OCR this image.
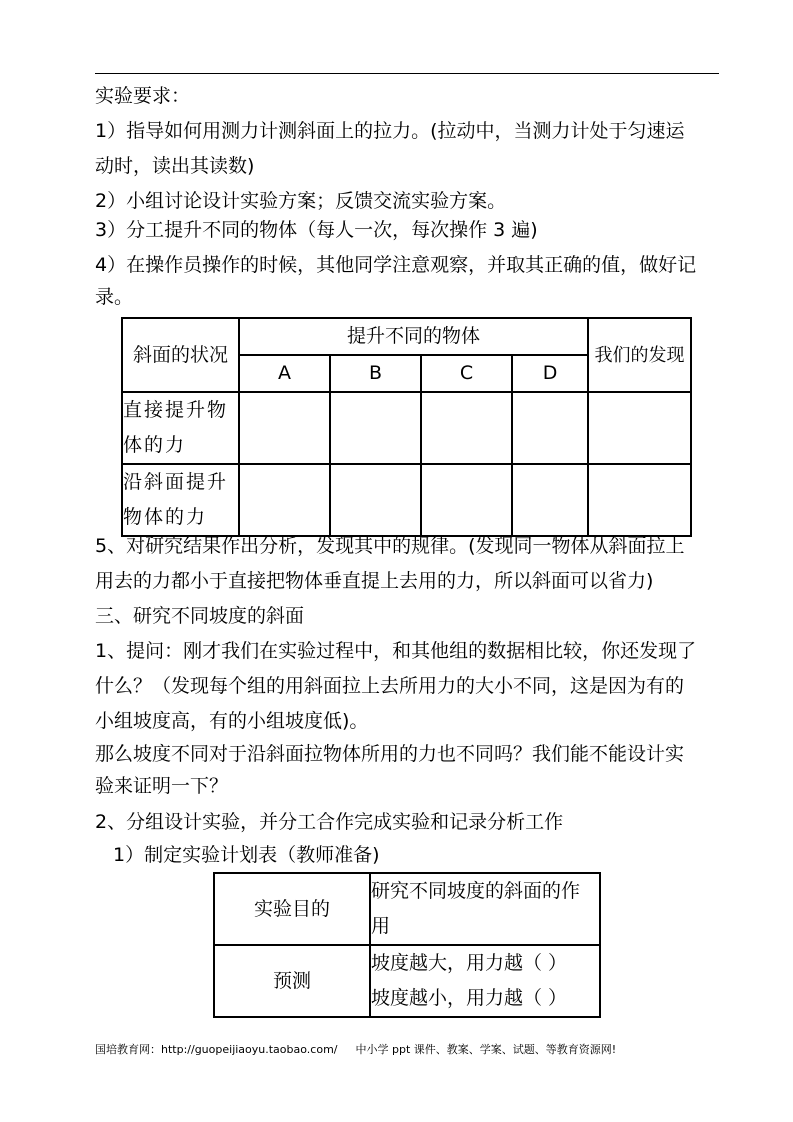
实验要求：

1）指导如何用测力计测斜面上的拉力。(拉动中，当测力计处于匀速运

动时，读出其读数)

2）小组讨论设计实验方案；反馈交流实验方案。

3）分工提升不同的物体（每人一次，每次操作 3 遍)

4）在操作员操作的时候，其他同学注意观察，并取其正确的值，做好记

录。

斜面的状况	提升不同的物体				我们的发现
	A	B	C	D	

直接提升物
体的力					

沿斜面提升
物体的力					

5、对研究结果作出分析，发现其中的规律。(发现同一物体从斜面拉上

用去的力都小于直接把物体垂直提上去用的力，所以斜面可以省力)

三、研究不同坡度的斜面

1、提问：刚才我们在实验过程中，和其他组的数据相比较，你还发现了

什么？（发现每个组的用斜面拉上去所用力的大小不同，这是因为有的

小组坡度高，有的小组坡度低)。

那么坡度不同对于沿斜面拉物体所用的力也不同吗？我们能不能设计实

验来证明一下？

2、分组设计实验，并分工合作完成实验和记录分析工作

1）制定实验计划表（教师准备)

实验目的	研究不同坡度的斜面的作
用

预测	坡度越大，用力越（ ）
坡度越小，用力越（ ）
国培教育网：http://guopeijiaoyu.taobao.com/ 中小学 ppt 课件、教案、学案、试题、等教育资源网!
